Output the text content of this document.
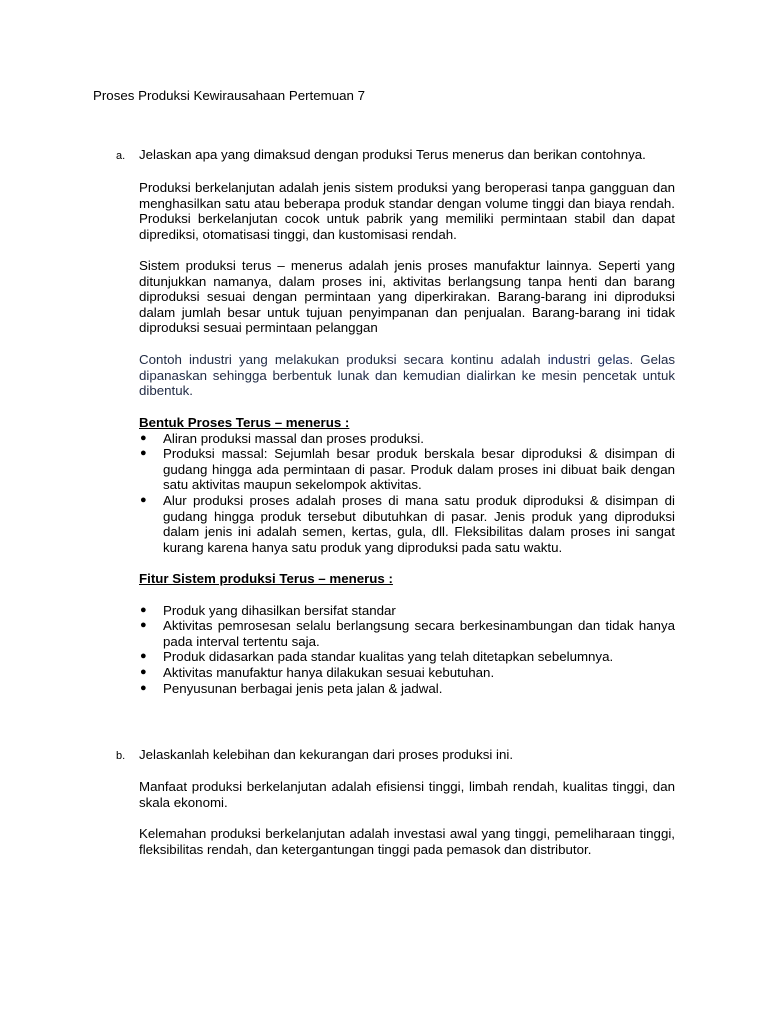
Proses Produksi Kewirausahaan Pertemuan 7
a. Jelaskan apa yang dimaksud dengan produksi Terus menerus dan berikan contohnya.

Produksi berkelanjutan adalah jenis sistem produksi yang beroperasi tanpa gangguan dan menghasilkan satu atau beberapa produk standar dengan volume tinggi dan biaya rendah. Produksi berkelanjutan cocok untuk pabrik yang memiliki permintaan stabil dan dapat diprediksi, otomatisasi tinggi, dan kustomisasi rendah.

Sistem produksi terus – menerus adalah jenis proses manufaktur lainnya. Seperti yang ditunjukkan namanya, dalam proses ini, aktivitas berlangsung tanpa henti dan barang diproduksi sesuai dengan permintaan yang diperkirakan. Barang-barang ini diproduksi dalam jumlah besar untuk tujuan penyimpanan dan penjualan. Barang-barang ini tidak diproduksi sesuai permintaan pelanggan

Contoh industri yang melakukan produksi secara kontinu adalah industri gelas. Gelas dipanaskan sehingga berbentuk lunak dan kemudian dialirkan ke mesin pencetak untuk dibentuk.

Bentuk Proses Terus – menerus :
● Aliran produksi massal dan proses produksi.
● Produksi massal: Sejumlah besar produk berskala besar diproduksi & disimpan di gudang hingga ada permintaan di pasar. Produk dalam proses ini dibuat baik dengan satu aktivitas maupun sekelompok aktivitas.
● Alur produksi proses adalah proses di mana satu produk diproduksi & disimpan di gudang hingga produk tersebut dibutuhkan di pasar. Jenis produk yang diproduksi dalam jenis ini adalah semen, kertas, gula, dll. Fleksibilitas dalam proses ini sangat kurang karena hanya satu produk yang diproduksi pada satu waktu.
Fitur Sistem produksi Terus – menerus :
● Produk yang dihasilkan bersifat standar
● Aktivitas pemrosesan selalu berlangsung secara berkesinambungan dan tidak hanya pada interval tertentu saja.
● Produk didasarkan pada standar kualitas yang telah ditetapkan sebelumnya.
● Aktivitas manufaktur hanya dilakukan sesuai kebutuhan.
● Penyusunan berbagai jenis peta jalan & jadwal.
b. Jelaskanlah kelebihan dan kekurangan dari proses produksi ini.

Manfaat produksi berkelanjutan adalah efisiensi tinggi, limbah rendah, kualitas tinggi, dan skala ekonomi.

Kelemahan produksi berkelanjutan adalah investasi awal yang tinggi, pemeliharaan tinggi, fleksibilitas rendah, dan ketergantungan tinggi pada pemasok dan distributor.
